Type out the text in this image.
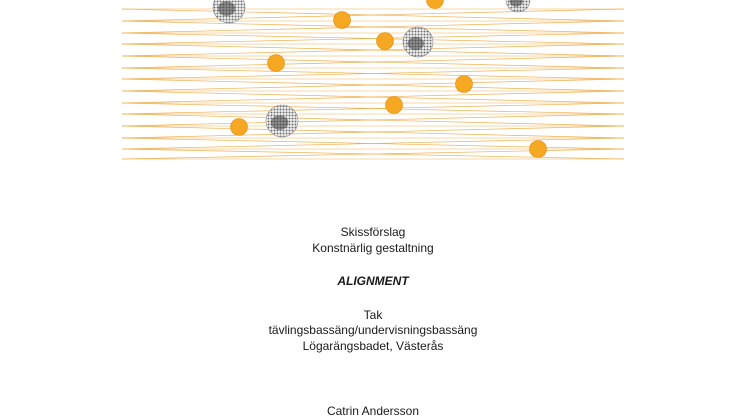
Skissförslag
Konstnärlig gestaltning
ALIGNMENT
Tak
tävlingsbassäng/undervisningsbassäng
Lögarängsbadet, Västerås
Catrin Andersson
